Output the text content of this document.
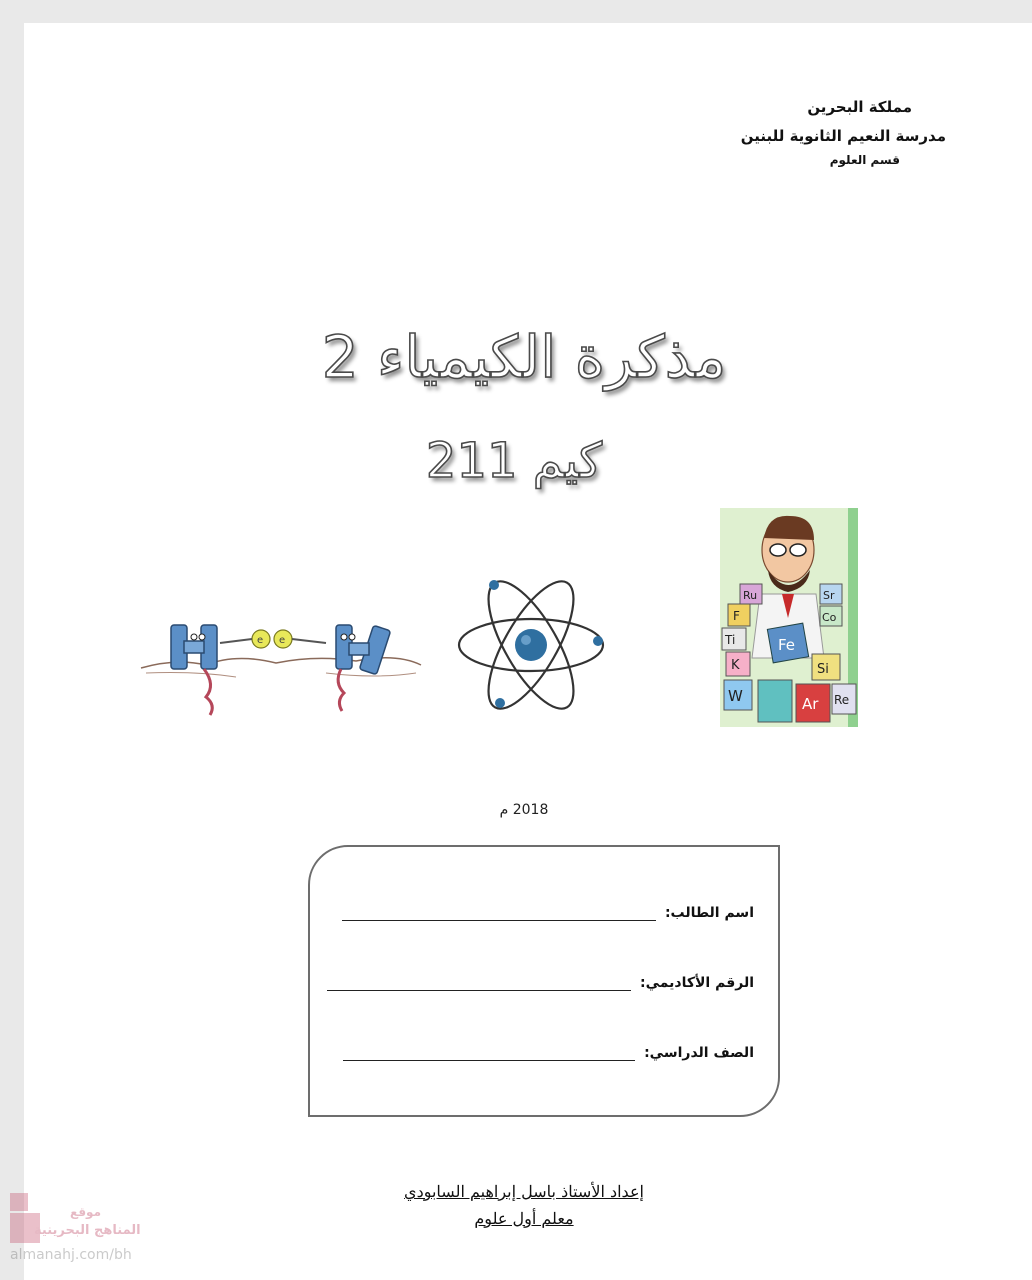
مملكة البحرين
مدرسة النعيم الثانوية للبنين
قسم العلوم
مذكرة الكيمياء 2
كيم 211
e e
Ru	Sr
Co
F
Ti	Fe
K	Si
W	Ar Re
2018 م
اسم الطالب:
الرقم الأكاديمي:
الصف الدراسي:
إعداد الأستاذ باسل إبراهيم السابودي
معلم أول علوم
موقع
المناهج البحرينية
almanahj.com/bh
